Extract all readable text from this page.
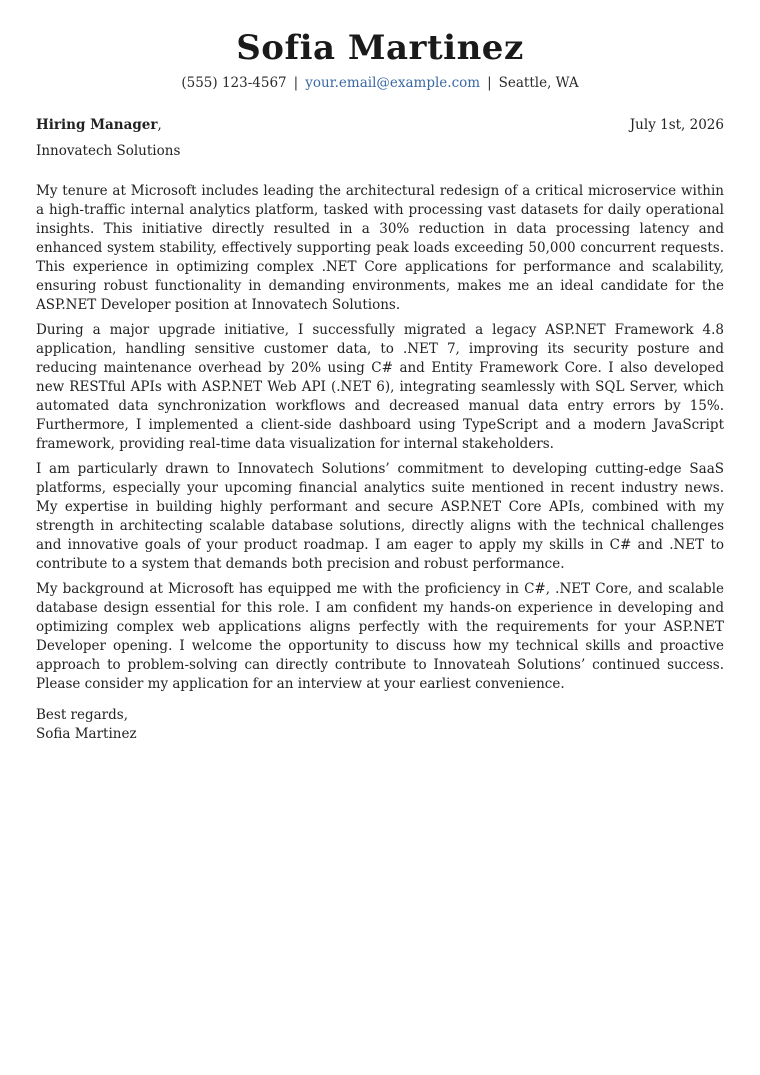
Sofia Martinez
(555) 123-4567 | your.email@example.com | Seattle, WA
Hiring Manager,	July 1st, 2026
Innovatech Solutions

My tenure at Microsoft includes leading the architectural redesign of a critical microservice within a high-traffic internal analytics platform, tasked with processing vast datasets for daily operational insights. This initiative directly resulted in a 30% reduction in data processing latency and enhanced system stability, effectively supporting peak loads exceeding 50,000 concurrent requests. This experience in optimizing complex .NET Core applications for performance and scalability, ensuring robust functionality in demanding environments, makes me an ideal candidate for the ASP.NET Developer position at Innovatech Solutions.

During a major upgrade initiative, I successfully migrated a legacy ASP.NET Framework 4.8 application, handling sensitive customer data, to .NET 7, improving its security posture and reducing maintenance overhead by 20% using C# and Entity Framework Core. I also developed new RESTful APIs with ASP.NET Web API (.NET 6), integrating seamlessly with SQL Server, which automated data synchronization workflows and decreased manual data entry errors by 15%. Furthermore, I implemented a client-side dashboard using TypeScript and a modern JavaScript framework, providing real-time data visualization for internal stakeholders.

I am particularly drawn to Innovatech Solutions’ commitment to developing cutting-edge SaaS platforms, especially your upcoming financial analytics suite mentioned in recent industry news. My expertise in building highly performant and secure ASP.NET Core APIs, combined with my strength in architecting scalable database solutions, directly aligns with the technical challenges and innovative goals of your product roadmap. I am eager to apply my skills in C# and .NET to contribute to a system that demands both precision and robust performance.

My background at Microsoft has equipped me with the proficiency in C#, .NET Core, and scalable database design essential for this role. I am confident my hands-on experience in developing and optimizing complex web applications aligns perfectly with the requirements for your ASP.NET Developer opening. I welcome the opportunity to discuss how my technical skills and proactive approach to problem-solving can directly contribute to Innovateah Solutions’ continued success. Please consider my application for an interview at your earliest convenience.

Best regards,
Sofia Martinez
